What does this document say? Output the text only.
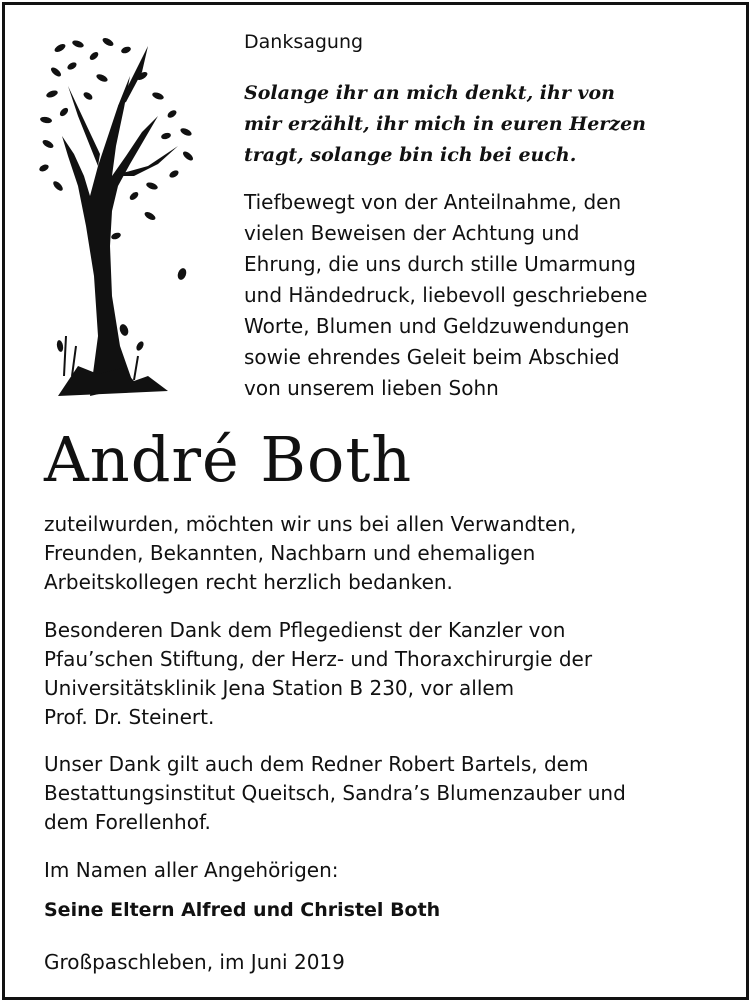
Danksagung
Solange ihr an mich denkt, ihr von
mir erzählt, ihr mich in euren Herzen
tragt, solange bin ich bei euch.
Tiefbewegt von der Anteilnahme, den
vielen Beweisen der Achtung und
Ehrung, die uns durch stille Umarmung
und Händedruck, liebevoll geschriebene
Worte, Blumen und Geldzuwendungen
sowie ehrendes Geleit beim Abschied
von unserem lieben Sohn
André Both
zuteilwurden, möchten wir uns bei allen Verwandten,
Freunden, Bekannten, Nachbarn und ehemaligen
Arbeitskollegen recht herzlich bedanken.
Besonderen Dank dem Pflegedienst der Kanzler von
Pfau’schen Stiftung, der Herz- und Thoraxchirurgie der
Universitätsklinik Jena Station B 230, vor allem
Prof. Dr. Steinert.
Unser Dank gilt auch dem Redner Robert Bartels, dem
Bestattungsinstitut Queitsch, Sandra’s Blumenzauber und
dem Forellenhof.
Im Namen aller Angehörigen:
Seine Eltern Alfred und Christel Both
Großpaschleben, im Juni 2019
